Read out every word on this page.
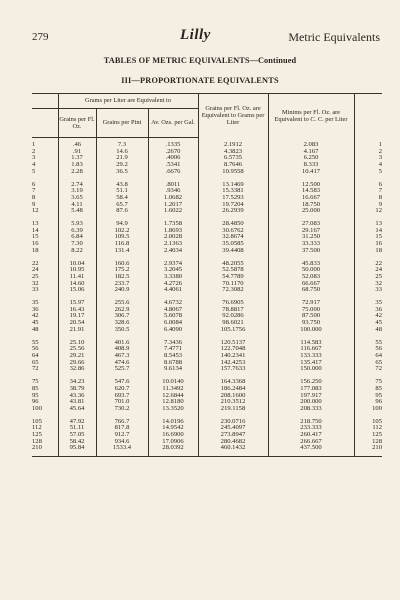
279	Lilly	Metric Equivalents
TABLES OF METRIC EQUIVALENTS—Continued
III—PROPORTIONATE EQUIVALENTS
	Grams per Liter are Equivalent to			Grains per Fl. Oz. are Equivalent to Grams per Liter	Minims per Fl. Oz. are Equivalent to C. C. per Liter	
	Grains per Fl. Oz.	Grains per Pint	Av. Ozs. per Gal.			

1	.46	7.3	.1335	2.1912	2.083	1
2	.91	14.6	.2670	4.3823	4.167	2
3	1.37	21.9	.4006	6.5735	6.250	3
4	1.83	29.2	.5341	8.7646	8.333	4
5	2.28	36.5	.6676	10.9558	10.417	5

6	2.74	43.8	.8011	13.1469	12.500	6
7	3.19	51.1	.9346	15.3381	14.583	7
8	3.65	58.4	1.0682	17.5293	16.667	8
9	4.11	65.7	1.2017	19.7204	18.750	9
12	5.48	87.6	1.6022	26.2939	25.000	12

13	5.93	94.9	1.7358	28.4850	27.083	13
14	6.39	102.2	1.8693	30.6762	29.167	14
15	6.84	109.5	2.0028	32.8674	31.250	15
16	7.30	116.8	2.1363	35.0585	33.333	16
18	8.22	131.4	2.4034	39.4408	37.500	18

22	10.04	160.6	2.9374	48.2055	45.833	22
24	10.95	175.2	3.2045	52.5878	50.000	24
25	11.41	182.5	3.3380	54.7789	52.083	25
32	14.60	233.7	4.2726	70.1170	66.667	32
33	15.06	240.9	4.4061	72.3082	68.750	33

35	15.97	255.6	4.6732	76.6905	72.917	35
36	16.43	262.9	4.8067	78.8817	75.000	36
42	19.17	306.7	5.6078	92.0286	87.500	42
45	20.54	328.6	6.0084	98.6021	93.750	45
48	21.91	350.5	6.4090	105.1756	100.000	48

55	25.10	401.6	7.3436	120.5137	114.583	55
56	25.56	408.9	7.4771	122.7048	116.667	56
64	29.21	467.3	8.5453	140.2341	133.333	64
65	29.66	474.6	8.6788	142.4253	135.417	65
72	32.86	525.7	9.6134	157.7633	150.000	72

75	34.23	547.6	10.0140	164.3368	156.250	75
85	38.79	620.7	11.3492	186.2484	177.083	85
95	43.36	693.7	12.6844	208.1600	197.917	95
96	43.81	701.0	12.8180	210.3512	200.000	96
100	45.64	730.2	13.3520	219.1158	208.333	100

105	47.92	766.7	14.0196	230.0716	218.750	105
112	51.11	817.8	14.9542	245.4097	233.333	112
125	57.05	912.7	16.6900	273.8947	260.417	125
128	58.42	934.6	17.0906	280.4682	266.667	128
210	95.84	1533.4	28.0392	460.1432	437.500	210
